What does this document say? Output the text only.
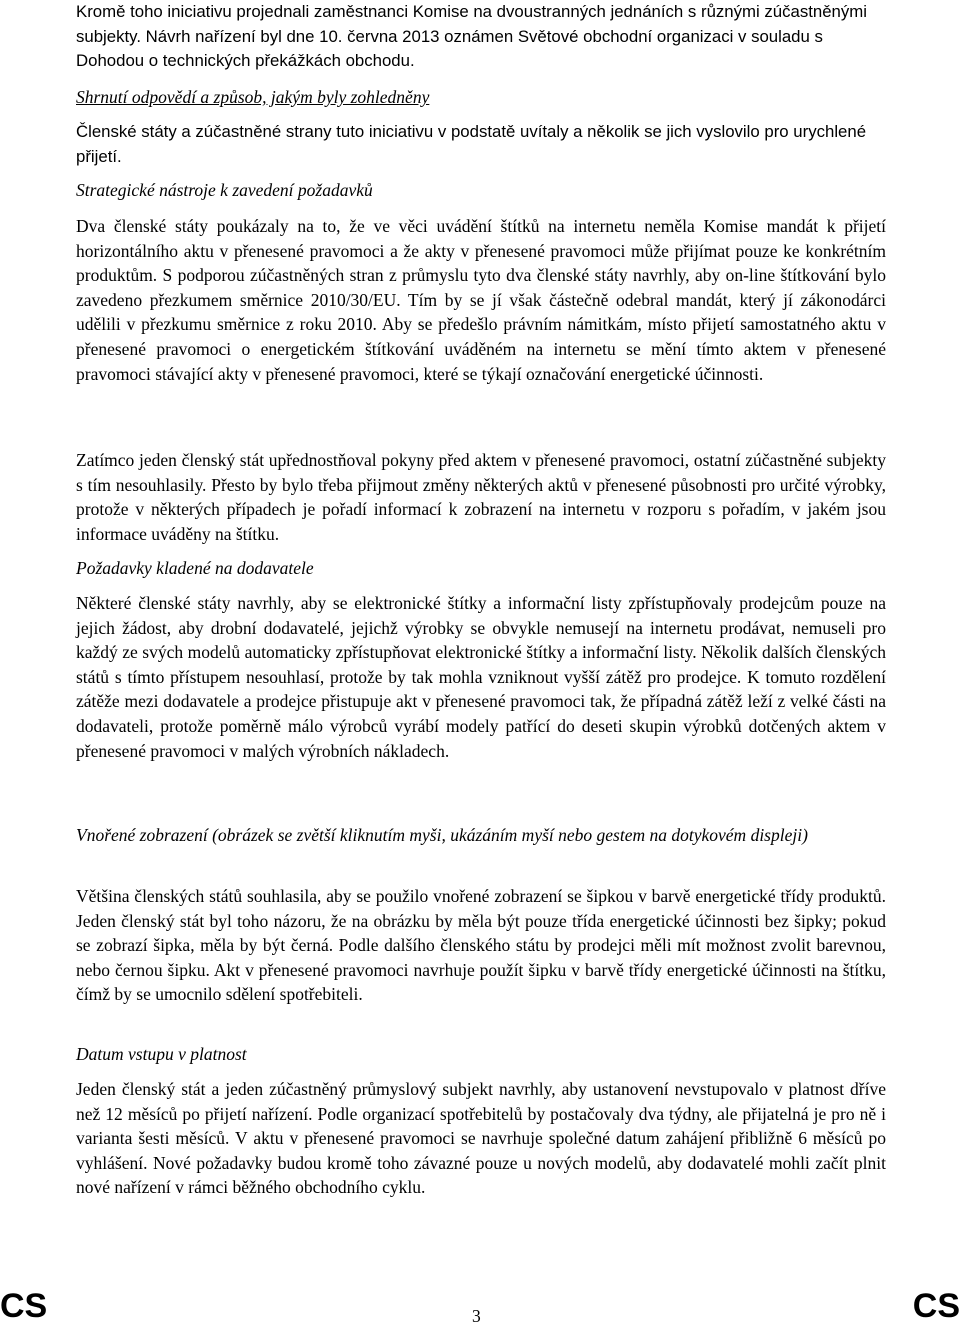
Kromě toho iniciativu projednali zaměstnanci Komise na dvoustranných jednáních s různými zúčastněnými subjekty. Návrh nařízení byl dne 10. června 2013 oznámen Světové obchodní organizaci v souladu s Dohodou o technických překážkách obchodu.

Shrnutí odpovědí a způsob, jakým byly zohledněny

Členské státy a zúčastněné strany tuto iniciativu v podstatě uvítaly a několik se jich vyslovilo pro urychlené přijetí.

Strategické nástroje k zavedení požadavků

Dva členské státy poukázaly na to, že ve věci uvádění štítků na internetu neměla Komise mandát k přijetí horizontálního aktu v přenesené pravomoci a že akty v přenesené pravomoci může přijímat pouze ke konkrétním produktům. S podporou zúčastněných stran z průmyslu tyto dva členské státy navrhly, aby on-line štítkování bylo zavedeno přezkumem směrnice 2010/30/EU. Tím by se jí však částečně odebral mandát, který jí zákonodárci udělili v přezkumu směrnice z roku 2010. Aby se předešlo právním námitkám, místo přijetí samostatného aktu v přenesené pravomoci o energetickém štítkování uváděném na internetu se mění tímto aktem v přenesené pravomoci stávající akty v přenesené pravomoci, které se týkají označování energetické účinnosti.

Zatímco jeden členský stát upřednostňoval pokyny před aktem v přenesené pravomoci, ostatní zúčastněné subjekty s tím nesouhlasily. Přesto by bylo třeba přijmout změny některých aktů v přenesené působnosti pro určité výrobky, protože v některých případech je pořadí informací k zobrazení na internetu v rozporu s pořadím, v jakém jsou informace uváděny na štítku.

Požadavky kladené na dodavatele

Některé členské státy navrhly, aby se elektronické štítky a informační listy zpřístupňovaly prodejcům pouze na jejich žádost, aby drobní dodavatelé, jejichž výrobky se obvykle nemusejí na internetu prodávat, nemuseli pro každý ze svých modelů automaticky zpřístupňovat elektronické štítky a informační listy. Několik dalších členských států s tímto přístupem nesouhlasí, protože by tak mohla vzniknout vyšší zátěž pro prodejce. K tomuto rozdělení zátěže mezi dodavatele a prodejce přistupuje akt v přenesené pravomoci tak, že případná zátěž leží z velké části na dodavateli, protože poměrně málo výrobců vyrábí modely patřící do deseti skupin výrobků dotčených aktem v přenesené pravomoci v malých výrobních nákladech.

Vnořené zobrazení (obrázek se zvětší kliknutím myši, ukázáním myší nebo gestem na dotykovém displeji)

Většina členských států souhlasila, aby se použilo vnořené zobrazení se šipkou v barvě energetické třídy produktů. Jeden členský stát byl toho názoru, že na obrázku by měla být pouze třída energetické účinnosti bez šipky; pokud se zobrazí šipka, měla by být černá. Podle dalšího členského státu by prodejci měli mít možnost zvolit barevnou, nebo černou šipku. Akt v přenesené pravomoci navrhuje použít šipku v barvě třídy energetické účinnosti na štítku, čímž by se umocnilo sdělení spotřebiteli.

Datum vstupu v platnost

Jeden členský stát a jeden zúčastněný průmyslový subjekt navrhly, aby ustanovení nevstupovalo v platnost dříve než 12 měsíců po přijetí nařízení. Podle organizací spotřebitelů by postačovaly dva týdny, ale přijatelná je pro ně i varianta šesti měsíců. V aktu v přenesené pravomoci se navrhuje společné datum zahájení přibližně 6 měsíců po vyhlášení. Nové požadavky budou kromě toho závazné pouze u nových modelů, aby dodavatelé mohli začít plnit nové nařízení v rámci běžného obchodního cyklu.

CS	3	CS
